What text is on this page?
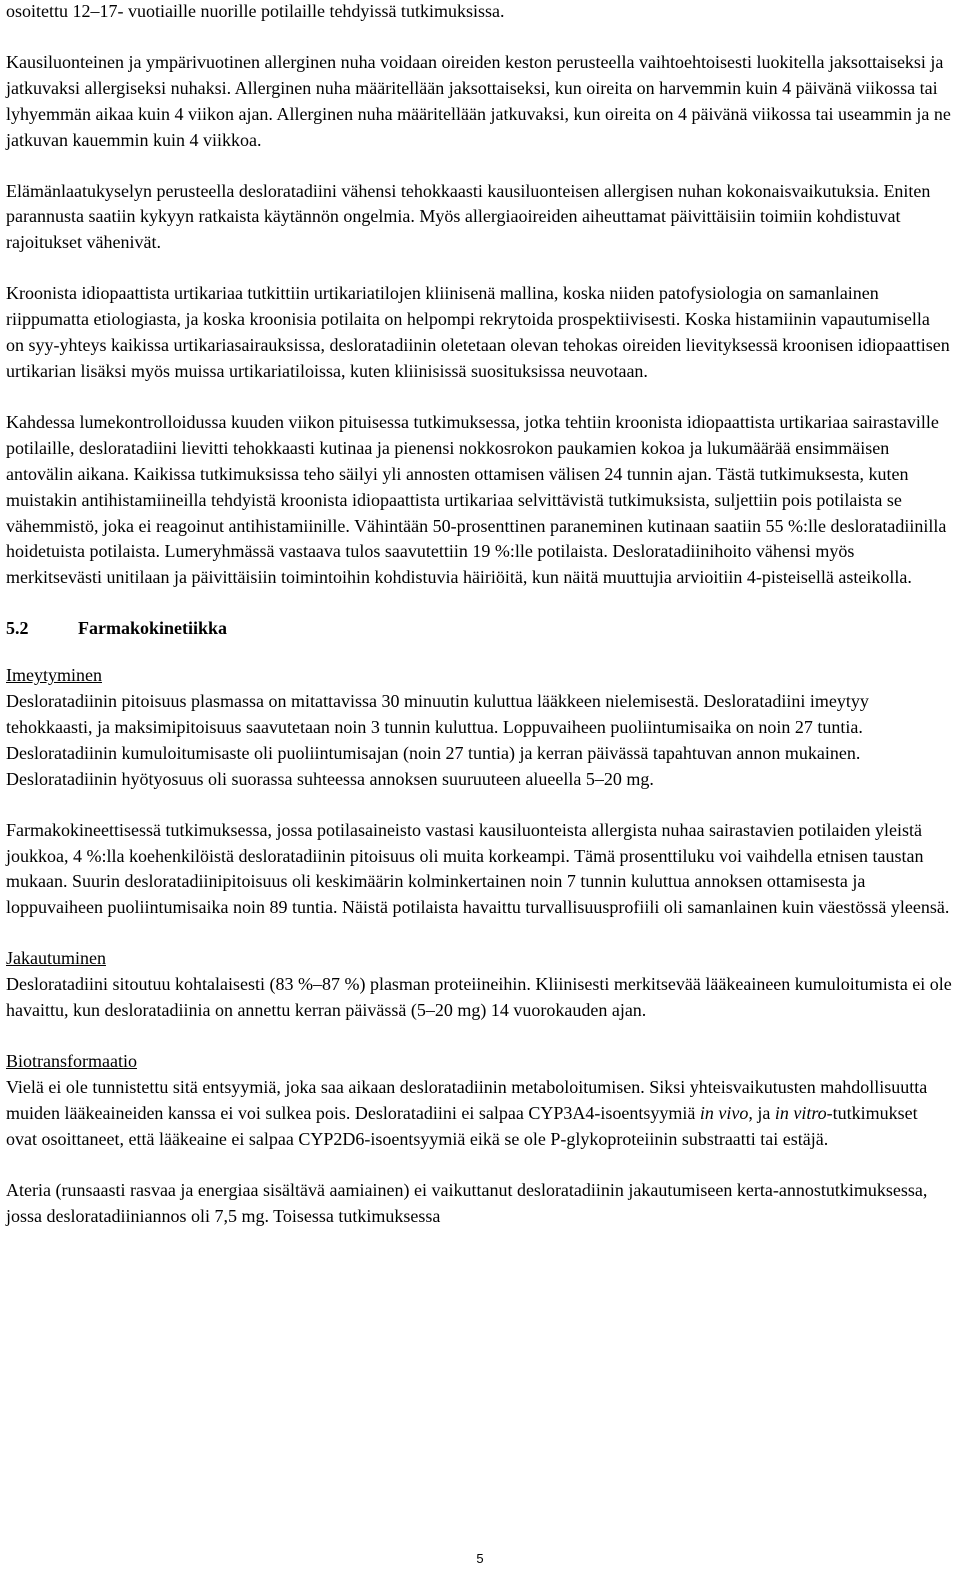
osoitettu 12–17- vuotiaille nuorille potilaille tehdyissä tutkimuksissa.

Kausiluonteinen ja ympärivuotinen allerginen nuha voidaan oireiden keston perusteella vaihtoehtoisesti luokitella jaksottaiseksi ja jatkuvaksi allergiseksi nuhaksi. Allerginen nuha määritellään jaksottaiseksi, kun oireita on harvemmin kuin 4 päivänä viikossa tai lyhyemmän aikaa kuin 4 viikon ajan. Allerginen nuha määritellään jatkuvaksi, kun oireita on 4 päivänä viikossa tai useammin ja ne jatkuvan kauemmin kuin 4 viikkoa.

Elämänlaatukyselyn perusteella desloratadiini vähensi tehokkaasti kausiluonteisen allergisen nuhan kokonaisvaikutuksia. Eniten parannusta saatiin kykyyn ratkaista käytännön ongelmia. Myös allergiaoireiden aiheuttamat päivittäisiin toimiin kohdistuvat rajoitukset vähenivät.

Kroonista idiopaattista urtikariaa tutkittiin urtikariatilojen kliinisenä mallina, koska niiden patofysiologia on samanlainen riippumatta etiologiasta, ja koska kroonisia potilaita on helpompi rekrytoida prospektiivisesti. Koska histamiinin vapautumisella on syy-yhteys kaikissa urtikariasairauksissa, desloratadiinin oletetaan olevan tehokas oireiden lievityksessä kroonisen idiopaattisen urtikarian lisäksi myös muissa urtikariatiloissa, kuten kliinisissä suosituksissa neuvotaan.

Kahdessa lumekontrolloidussa kuuden viikon pituisessa tutkimuksessa, jotka tehtiin kroonista idiopaattista urtikariaa sairastaville potilaille, desloratadiini lievitti tehokkaasti kutinaa ja pienensi nokkosrokon paukamien kokoa ja lukumäärää ensimmäisen antovälin aikana. Kaikissa tutkimuksissa teho säilyi yli annosten ottamisen välisen 24 tunnin ajan. Tästä tutkimuksesta, kuten muistakin antihistamiineilla tehdyistä kroonista idiopaattista urtikariaa selvittävistä tutkimuksista, suljettiin pois potilaista se vähemmistö, joka ei reagoinut antihistamiinille. Vähintään 50-prosenttinen paraneminen kutinaan saatiin 55 %:lle desloratadiinilla hoidetuista potilaista. Lumeryhmässä vastaava tulos saavutettiin 19 %:lle potilaista. Desloratadiinihoito vähensi myös merkitsevästi unitilaan ja päivittäisiin toimintoihin kohdistuvia häiriöitä, kun näitä muuttujia arvioitiin 4-pisteisellä asteikolla.

5.2	Farmakokinetiikka
Imeytyminen

Desloratadiinin pitoisuus plasmassa on mitattavissa 30 minuutin kuluttua lääkkeen nielemisestä. Desloratadiini imeytyy tehokkaasti, ja maksimipitoisuus saavutetaan noin 3 tunnin kuluttua. Loppuvaiheen puoliintumisaika on noin 27 tuntia. Desloratadiinin kumuloitumisaste oli puoliintumisajan (noin 27 tuntia) ja kerran päivässä tapahtuvan annon mukainen. Desloratadiinin hyötyosuus oli suorassa suhteessa annoksen suuruuteen alueella 5–20 mg.

Farmakokineettisessä tutkimuksessa, jossa potilasaineisto vastasi kausiluonteista allergista nuhaa sairastavien potilaiden yleistä joukkoa, 4 %:lla koehenkilöistä desloratadiinin pitoisuus oli muita korkeampi. Tämä prosenttiluku voi vaihdella etnisen taustan mukaan. Suurin desloratadiinipitoisuus oli keskimäärin kolminkertainen noin 7 tunnin kuluttua annoksen ottamisesta ja loppuvaiheen puoliintumisaika noin 89 tuntia. Näistä potilaista havaittu turvallisuusprofiili oli samanlainen kuin väestössä yleensä.

Jakautuminen

Desloratadiini sitoutuu kohtalaisesti (83 %–87 %) plasman proteiineihin. Kliinisesti merkitsevää lääkeaineen kumuloitumista ei ole havaittu, kun desloratadiinia on annettu kerran päivässä (5–20 mg) 14 vuorokauden ajan.

Biotransformaatio

Vielä ei ole tunnistettu sitä entsyymiä, joka saa aikaan desloratadiinin metaboloitumisen. Siksi yhteisvaikutusten mahdollisuutta muiden lääkeaineiden kanssa ei voi sulkea pois. Desloratadiini ei salpaa CYP3A4-isoentsyymiä in vivo, ja in vitro-tutkimukset ovat osoittaneet, että lääkeaine ei salpaa CYP2D6-isoentsyymiä eikä se ole P-glykoproteiinin substraatti tai estäjä.

Ateria (runsaasti rasvaa ja energiaa sisältävä aamiainen) ei vaikuttanut desloratadiinin jakautumiseen kerta-annostutkimuksessa, jossa desloratadiiniannos oli 7,5 mg. Toisessa tutkimuksessa

5
